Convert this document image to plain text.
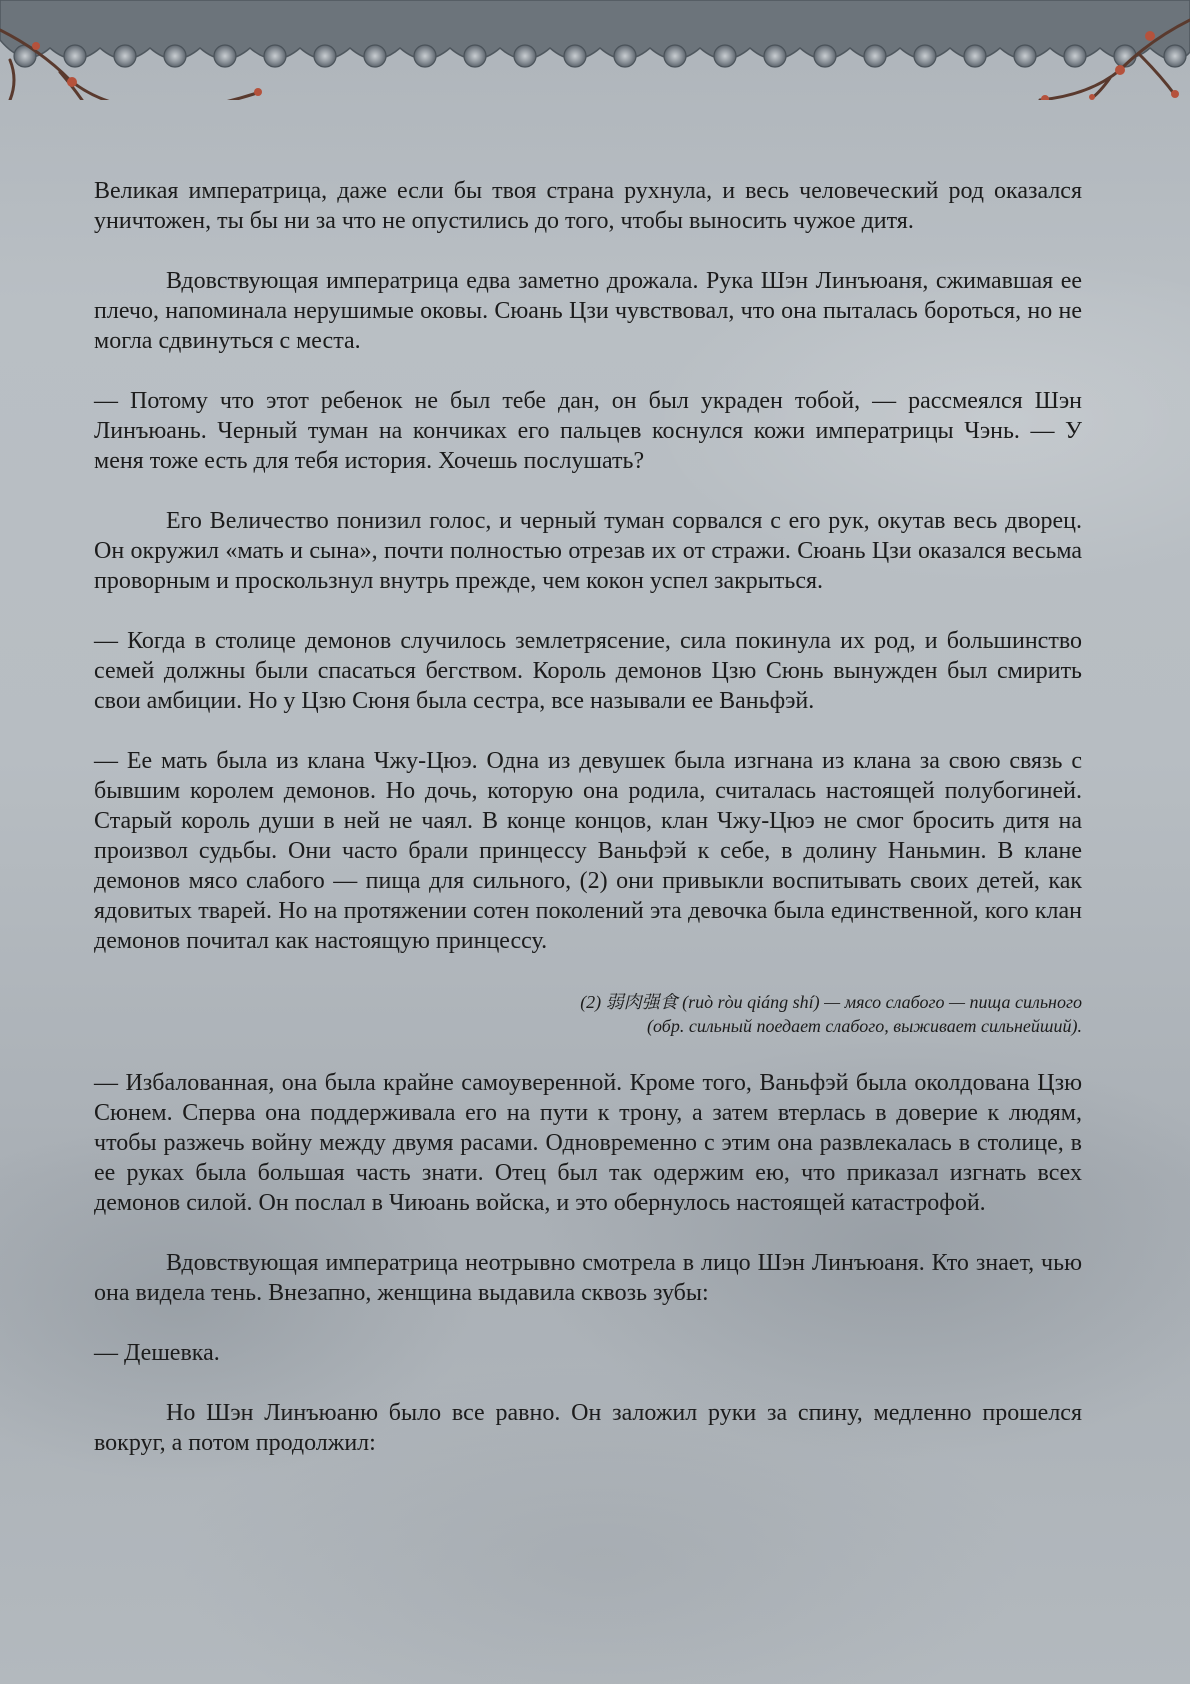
Великая императрица, даже если бы твоя страна рухнула, и весь человеческий род оказался уничтожен, ты бы ни за что не опустились до того, чтобы выносить чужое дитя.

Вдовствующая императрица едва заметно дрожала. Рука Шэн Линъюаня, сжимавшая ее плечо, напоминала нерушимые оковы. Сюань Цзи чувствовал, что она пыталась бороться, но не могла сдвинуться с места.

— Потому что этот ребенок не был тебе дан, он был украден тобой, — рассмеялся Шэн Линъюань. Черный туман на кончиках его пальцев коснулся кожи императрицы Чэнь. — У меня тоже есть для тебя история. Хочешь послушать?

Его Величество понизил голос, и черный туман сорвался с его рук, окутав весь дворец. Он окружил «мать и сына», почти полностью отрезав их от стражи. Сюань Цзи оказался весьма проворным и проскользнул внутрь прежде, чем кокон успел закрыться.

— Когда в столице демонов случилось землетрясение, сила покинула их род, и большинство семей должны были спасаться бегством. Король демонов Цзю Сюнь вынужден был смирить свои амбиции. Но у Цзю Сюня была сестра, все называли ее Ваньфэй.

— Ее мать была из клана Чжу-Цюэ. Одна из девушек была изгнана из клана за свою связь с бывшим королем демонов. Но дочь, которую она родила, считалась настоящей полубогиней. Старый король души в ней не чаял. В конце концов, клан Чжу-Цюэ не смог бросить дитя на произвол судьбы. Они часто брали принцессу Ваньфэй к себе, в долину Наньмин. В клане демонов мясо слабого — пища для сильного, (2) они привыкли воспитывать своих детей, как ядовитых тварей. Но на протяжении сотен поколений эта девочка была единственной, кого клан демонов почитал как настоящую принцессу.

(2) 弱肉强食 (ruò ròu qiáng shí) — мясо слабого — пища сильного
(обр. сильный поедает слабого, выживает сильнейший).

— Избалованная, она была крайне самоуверенной. Кроме того, Ваньфэй была околдована Цзю Сюнем. Сперва она поддерживала его на пути к трону, а затем втерлась в доверие к людям, чтобы разжечь войну между двумя расами. Одновременно с этим она развлекалась в столице, в ее руках была большая часть знати. Отец был так одержим ею, что приказал изгнать всех демонов силой. Он послал в Чиюань войска, и это обернулось настоящей катастрофой.

Вдовствующая императрица неотрывно смотрела в лицо Шэн Линъюаня. Кто знает, чью она видела тень. Внезапно, женщина выдавила сквозь зубы:

— Дешевка.

Но Шэн Линъюаню было все равно. Он заложил руки за спину, медленно прошелся вокруг, а потом продолжил:
